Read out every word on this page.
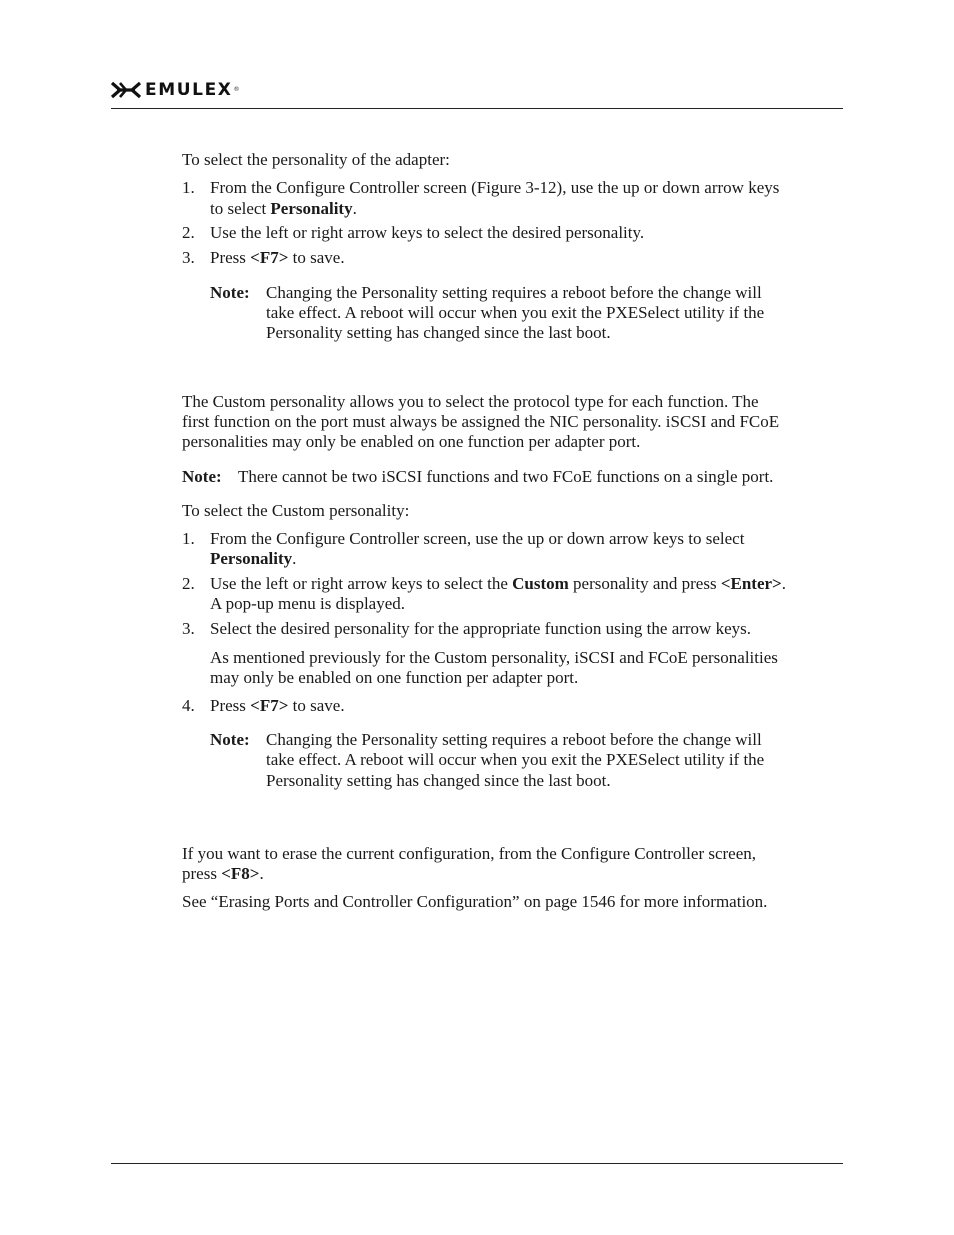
EMULEX ®
To select the personality of the adapter:
1. From the Configure Controller screen (Figure 3-12), use the up or down arrow keys
to select Personality.
2. Use the left or right arrow keys to select the desired personality.
3. Press <F7> to save.
Note: Changing the Personality setting requires a reboot before the change will
take effect. A reboot will occur when you exit the PXESelect utility if the
Personality setting has changed since the last boot.
The Custom personality allows you to select the protocol type for each function. The
first function on the port must always be assigned the NIC personality. iSCSI and FCoE
personalities may only be enabled on one function per adapter port.
Note: There cannot be two iSCSI functions and two FCoE functions on a single port.
To select the Custom personality:
1. From the Configure Controller screen, use the up or down arrow keys to select
Personality.
2. Use the left or right arrow keys to select the Custom personality and press <Enter>.
A pop-up menu is displayed.
3. Select the desired personality for the appropriate function using the arrow keys.
As mentioned previously for the Custom personality, iSCSI and FCoE personalities
may only be enabled on one function per adapter port.
4. Press <F7> to save.
Note: Changing the Personality setting requires a reboot before the change will
take effect. A reboot will occur when you exit the PXESelect utility if the
Personality setting has changed since the last boot.
If you want to erase the current configuration, from the Configure Controller screen,
press <F8>.
See “Erasing Ports and Controller Configuration” on page 1546 for more information.
